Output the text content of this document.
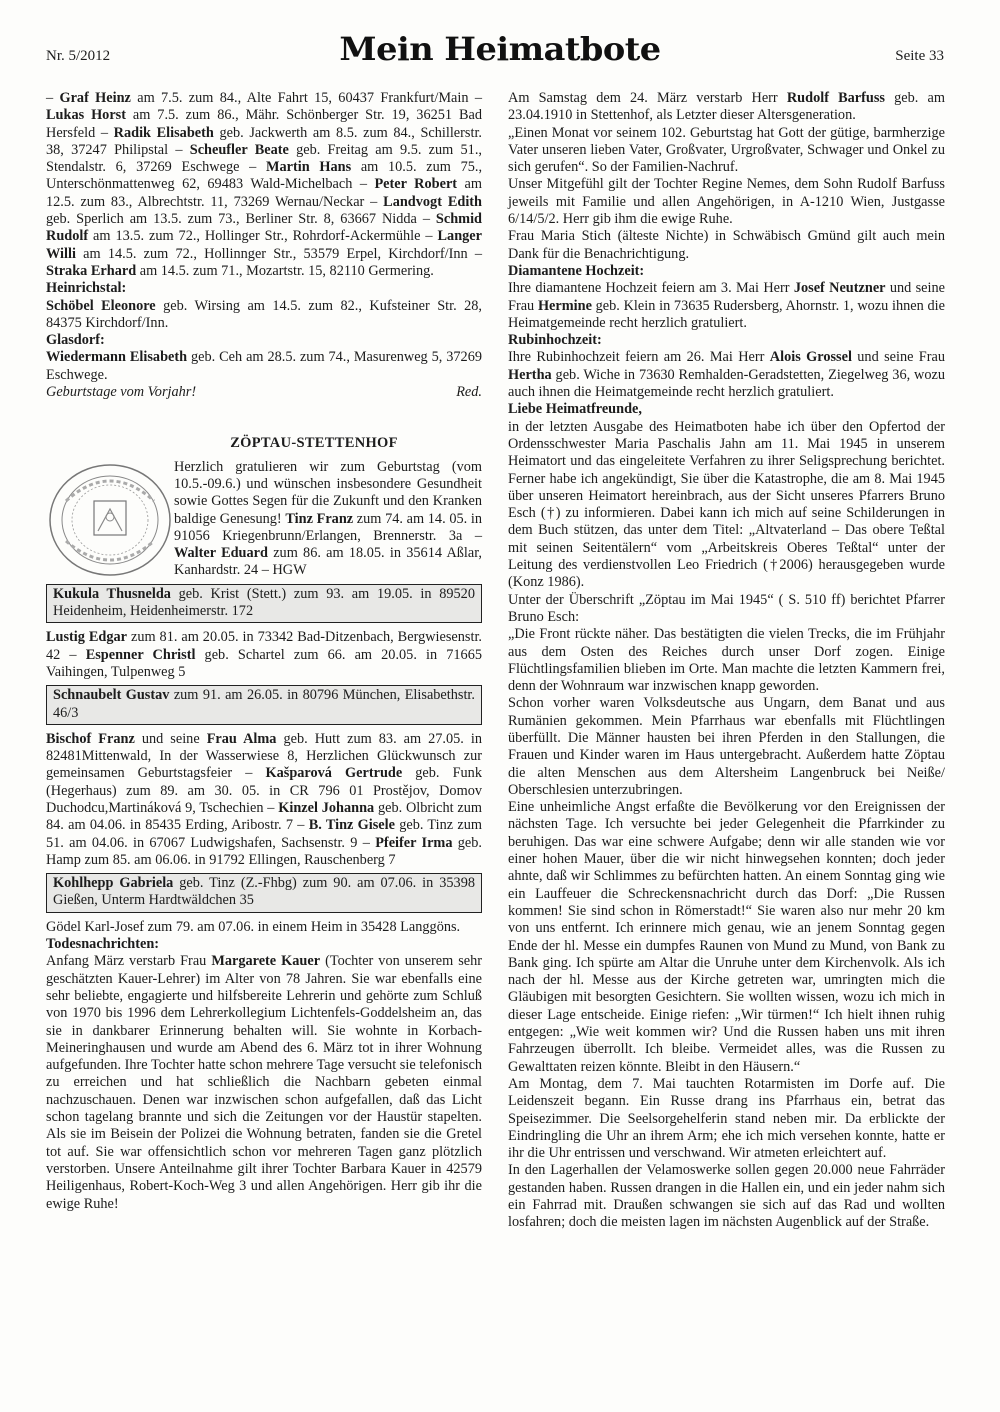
Nr. 5/2012	Mein Heimatbote	Seite 33

– Graf Heinz am 7.5. zum 84., Alte Fahrt 15, 60437 Frankfurt/Main – Lukas Horst am 7.5. zum 86., Mähr. Schönberger Str. 19, 36251 Bad Hersfeld – Radik Elisabeth geb. Jackwerth am 8.5. zum 84., Schillerstr. 38, 37247 Philipstal – Scheufler Beate geb. Freitag am 9.5. zum 51., Stendalstr. 6, 37269 Eschwege – Martin Hans am 10.5. zum 75., Unterschönmattenweg 62, 69483 Wald-Michelbach – Peter Robert am 12.5. zum 83., Albrechtstr. 11, 73269 Wernau/Neckar – Landvogt Edith geb. Sperlich am 13.5. zum 73., Berliner Str. 8, 63667 Nidda – Schmid Rudolf am 13.5. zum 72., Hollinger Str., Rohrdorf-Ackermühle – Langer Willi am 14.5. zum 72., Hollinnger Str., 53579 Erpel, Kirchdorf/Inn – Straka Erhard am 14.5. zum 71., Mozartstr. 15, 82110 Germering.

Heinrichstal:

Schöbel Eleonore geb. Wirsing am 14.5. zum 82., Kufsteiner Str. 28, 84375 Kirchdorf/Inn.

Glasdorf:

Wiedermann Elisabeth geb. Ceh am 28.5. zum 74., Masurenweg 5, 37269 Eschwege.

Geburtstage vom Vorjahr!	Red.
ZÖPTAU-STETTENHOF

Herzlich gratulieren wir zum Geburtstag (vom 10.5.-09.6.) und wünschen insbesondere Gesundheit sowie Gottes Segen für die Zukunft und den Kranken baldige Genesung! Tinz Franz zum 74. am 14. 05. in 91056 Kriegenbrunn/Erlangen, Brennerstr. 3a – Walter Eduard zum 86. am 18.05. in 35614 Aßlar, Kanhardstr. 24 – HGW

Kukula Thusnelda geb. Krist (Stett.) zum 93. am 19.05. in 89520 Heidenheim, Heidenheimerstr. 172

Lustig Edgar zum 81. am 20.05. in 73342 Bad-Ditzenbach, Bergwiesenstr. 42 – Espenner Christl geb. Schartel zum 66. am 20.05. in 71665 Vaihingen, Tulpenweg 5

Schnaubelt Gustav zum 91. am 26.05. in 80796 München, Elisabethstr. 46/3

Bischof Franz und seine Frau Alma geb. Hutt zum 83. am 27.05. in 82481Mittenwald, In der Wasserwiese 8, Herzlichen Glückwunsch zur gemeinsamen Geburtstagsfeier – Kašparová Gertrude geb. Funk (Hegerhaus) zum 89. am 30. 05. in CR 796 01 Prostějov, Domov Duchodcu,Martináková 9, Tschechien – Kinzel Johanna geb. Olbricht zum 84. am 04.06. in 85435 Erding, Aribostr. 7 – B. Tinz Gisele geb. Tinz zum 51. am 04.06. in 67067 Ludwigshafen, Sachsenstr. 9 – Pfeifer Irma geb. Hamp zum 85. am 06.06. in 91792 Ellingen, Rauschenberg 7

Kohlhepp Gabriela geb. Tinz (Z.-Fhbg) zum 90. am 07.06. in 35398 Gießen, Unterm Hardtwäldchen 35

Gödel Karl-Josef zum 79. am 07.06. in einem Heim in 35428 Langgöns.

Todesnachrichten:

Anfang März verstarb Frau Margarete Kauer (Tochter von unserem sehr geschätzten Kauer-Lehrer) im Alter von 78 Jahren. Sie war ebenfalls eine sehr beliebte, engagierte und hilfsbereite Lehrerin und gehörte zum Schluß von 1970 bis 1996 dem Lehrerkollegium Lichtenfels-Goddelsheim an, das sie in dankbarer Erinnerung behalten will. Sie wohnte in Korbach-Meineringhausen und wurde am Abend des 6. März tot in ihrer Wohnung aufgefunden. Ihre Tochter hatte schon mehrere Tage versucht sie telefonisch zu erreichen und hat schließlich die Nachbarn gebeten einmal nachzuschauen. Denen war inzwischen schon aufgefallen, daß das Licht schon tagelang brannte und sich die Zeitungen vor der Haustür stapelten. Als sie im Beisein der Polizei die Wohnung betraten, fanden sie die Gretel tot auf. Sie war offensichtlich schon vor mehreren Tagen ganz plötzlich verstorben. Unsere Anteilnahme gilt ihrer Tochter Barbara Kauer in 42579 Heiligenhaus, Robert-Koch-Weg 3 und allen Angehörigen. Herr gib ihr die ewige Ruhe!

Am Samstag dem 24. März verstarb Herr Rudolf Barfuss geb. am 23.04.1910 in Stettenhof, als Letzter dieser Altersgeneration.

„Einen Monat vor seinem 102. Geburtstag hat Gott der gütige, barmherzige Vater unseren lieben Vater, Großvater, Urgroßvater, Schwager und Onkel zu sich gerufen“. So der Familien-Nachruf.

Unser Mitgefühl gilt der Tochter Regine Nemes, dem Sohn Rudolf Barfuss jeweils mit Familie und allen Angehörigen, in A-1210 Wien, Justgasse 6/14/5/2. Herr gib ihm die ewige Ruhe.

Frau Maria Stich (älteste Nichte) in Schwäbisch Gmünd gilt auch mein Dank für die Benachrichtigung.

Diamantene Hochzeit:

Ihre diamantene Hochzeit feiern am 3. Mai Herr Josef Neutzner und seine Frau Hermine geb. Klein in 73635 Rudersberg, Ahornstr. 1, wozu ihnen die Heimatgemeinde recht herzlich gratuliert.

Rubinhochzeit:

Ihre Rubinhochzeit feiern am 26. Mai Herr Alois Grossel und seine Frau Hertha geb. Wiche in 73630 Remhalden-Geradstetten, Ziegelweg 36, wozu auch ihnen die Heimatgemeinde recht herzlich gratuliert.

Liebe Heimatfreunde,

in der letzten Ausgabe des Heimatboten habe ich über den Opfertod der Ordensschwester Maria Paschalis Jahn am 11. Mai 1945 in unserem Heimatort und das eingeleitete Verfahren zu ihrer Seligsprechung berichtet. Ferner habe ich angekündigt, Sie über die Katastrophe, die am 8. Mai 1945 über unseren Heimatort hereinbrach, aus der Sicht unseres Pfarrers Bruno Esch (†) zu informieren. Dabei kann ich mich auf seine Schilderungen in dem Buch stützen, das unter dem Titel: „Altvaterland – Das obere Teßtal mit seinen Seitentälern“ vom „Arbeitskreis Oberes Teßtal“ unter der Leitung des verdienstvollen Leo Friedrich (†2006) herausgegeben wurde (Konz 1986).

Unter der Überschrift „Zöptau im Mai 1945“ ( S. 510 ff) berichtet Pfarrer Bruno Esch:

„Die Front rückte näher. Das bestätigten die vielen Trecks, die im Frühjahr aus dem Osten des Reiches durch unser Dorf zogen. Einige Flüchtlingsfamilien blieben im Orte. Man machte die letzten Kammern frei, denn der Wohnraum war inzwischen knapp geworden.

Schon vorher waren Volksdeutsche aus Ungarn, dem Banat und aus Rumänien gekommen. Mein Pfarrhaus war ebenfalls mit Flüchtlingen überfüllt. Die Männer hausten bei ihren Pferden in den Stallungen, die Frauen und Kinder waren im Haus untergebracht. Außerdem hatte Zöptau die alten Menschen aus dem Altersheim Langenbruck bei Neiße/ Oberschlesien unterzubringen.

Eine unheimliche Angst erfaßte die Bevölkerung vor den Ereignissen der nächsten Tage. Ich versuchte bei jeder Gelegenheit die Pfarrkinder zu beruhigen. Das war eine schwere Aufgabe; denn wir alle standen wie vor einer hohen Mauer, über die wir nicht hinwegsehen konnten; doch jeder ahnte, daß wir Schlimmes zu befürchten hatten. An einem Sonntag ging wie ein Lauffeuer die Schreckensnachricht durch das Dorf: „Die Russen kommen! Sie sind schon in Römerstadt!“ Sie waren also nur mehr 20 km von uns entfernt. Ich erinnere mich genau, wie an jenem Sonntag gegen Ende der hl. Messe ein dumpfes Raunen von Mund zu Mund, von Bank zu Bank ging. Ich spürte am Altar die Unruhe unter dem Kirchenvolk. Als ich nach der hl. Messe aus der Kirche getreten war, umringten mich die Gläubigen mit besorgten Gesichtern. Sie wollten wissen, wozu ich mich in dieser Lage entscheide. Einige riefen: „Wir türmen!“ Ich hielt ihnen ruhig entgegen: „Wie weit kommen wir? Und die Russen haben uns mit ihren Fahrzeugen überrollt. Ich bleibe. Vermeidet alles, was die Russen zu Gewalttaten reizen könnte. Bleibt in den Häusern.“

Am Montag, dem 7. Mai tauchten Rotarmisten im Dorfe auf. Die Leidenszeit begann. Ein Russe drang ins Pfarrhaus ein, betrat das Speisezimmer. Die Seelsorgehelferin stand neben mir. Da erblickte der Eindringling die Uhr an ihrem Arm; ehe ich mich versehen konnte, hatte er ihr die Uhr entrissen und verschwand. Wir atmeten erleichtert auf.

In den Lagerhallen der Velamoswerke sollen gegen 20.000 neue Fahrräder gestanden haben. Russen drangen in die Hallen ein, und ein jeder nahm sich ein Fahrrad mit. Draußen schwangen sie sich auf das Rad und wollten losfahren; doch die meisten lagen im nächsten Augenblick auf der Straße.
